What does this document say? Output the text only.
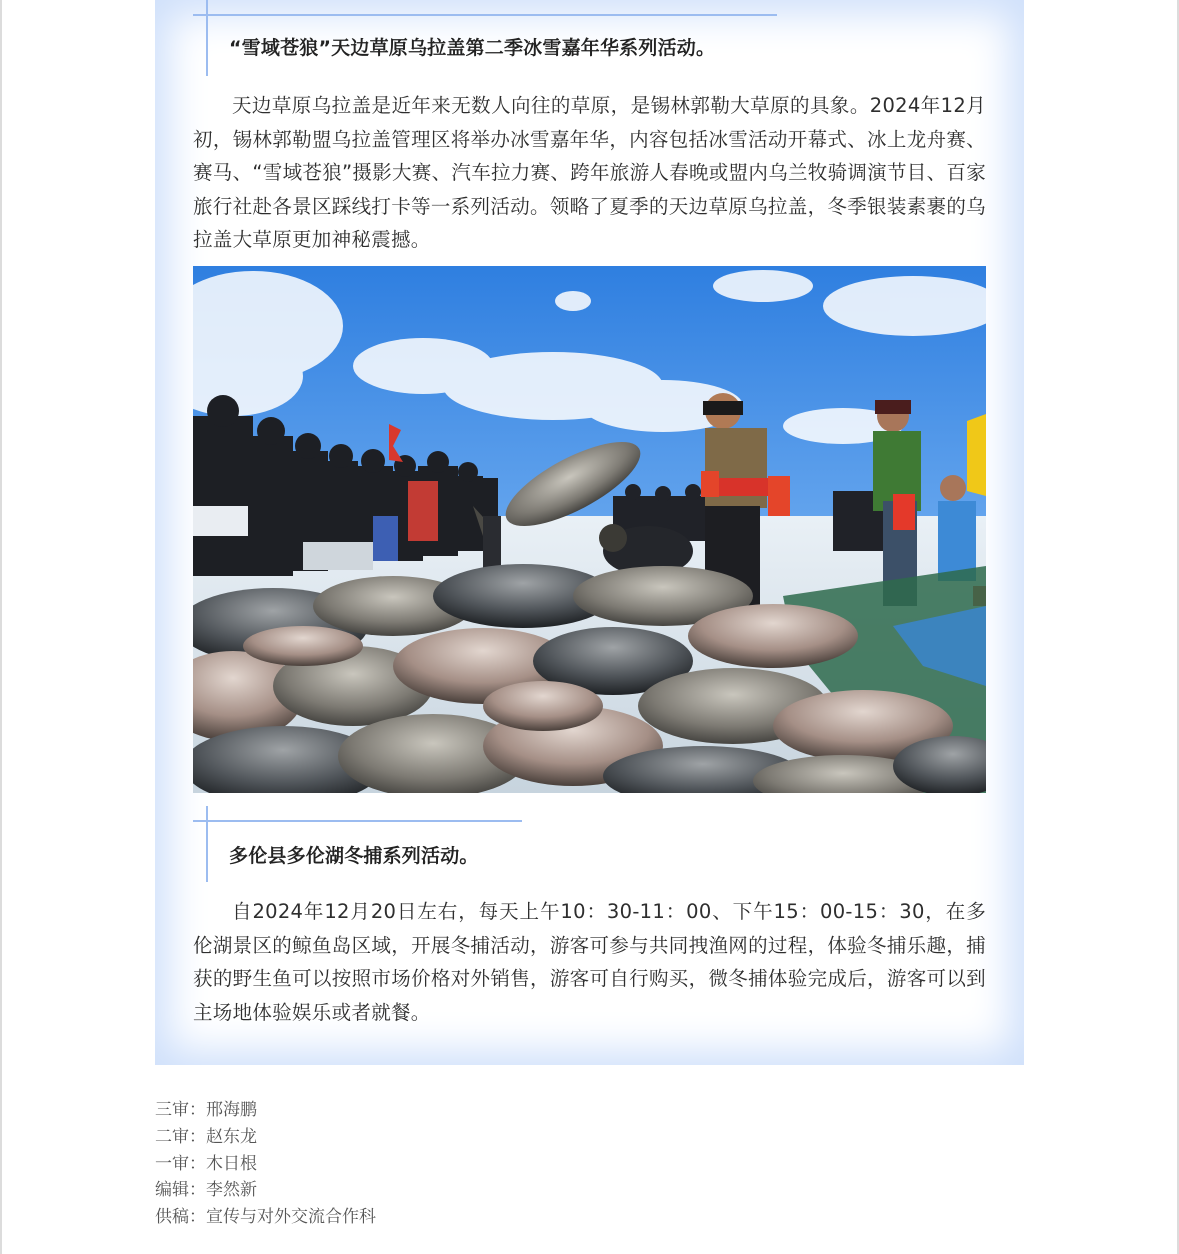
“雪域苍狼”天边草原乌拉盖第二季冰雪嘉年华系列活动。

天边草原乌拉盖是近年来无数人向往的草原，是锡林郭勒大草原的具象。2024年12月初，锡林郭勒盟乌拉盖管理区将举办冰雪嘉年华，内容包括冰雪活动开幕式、冰上龙舟赛、赛马、“雪域苍狼”摄影大赛、汽车拉力赛、跨年旅游人春晚或盟内乌兰牧骑调演节目、百家旅行社赴各景区踩线打卡等一系列活动。领略了夏季的天边草原乌拉盖，冬季银装素裹的乌拉盖大草原更加神秘震撼。

多伦县多伦湖冬捕系列活动。

自2024年12月20日左右，每天上午10：30-11：00、下午15：00-15：30，在多伦湖景区的鲸鱼岛区域，开展冬捕活动，游客可参与共同拽渔网的过程，体验冬捕乐趣，捕获的野生鱼可以按照市场价格对外销售，游客可自行购买，微冬捕体验完成后，游客可以到主场地体验娱乐或者就餐。

三审：邢海鹏
二审：赵东龙
一审：木日根
编辑：李然新
供稿：宣传与对外交流合作科
